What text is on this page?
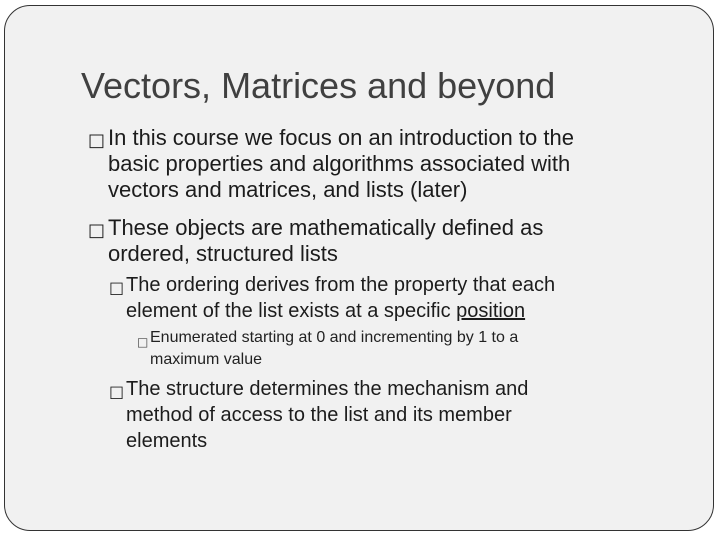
Vectors, Matrices and beyond
□ In this course we focus on an introduction to the
basic properties and algorithms associated with
vectors and matrices, and lists (later)
□ These objects are mathematically defined as
ordered, structured lists
□ The ordering derives from the property that each
element of the list exists at a specific position
□ Enumerated starting at 0 and incrementing by 1 to a
maximum value
□ The structure determines the mechanism and
method of access to the list and its member
elements
